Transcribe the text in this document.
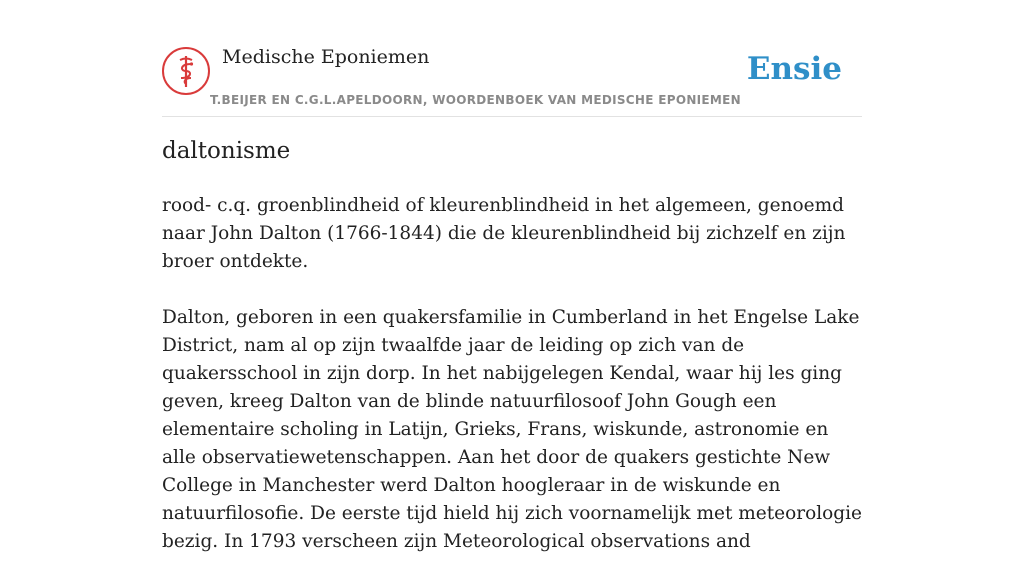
Medische Eponiemen
T.BEIJER EN C.G.L.APELDOORN, WOORDENBOEK VAN MEDISCHE EPONIEMEN
Ensie
daltonisme

rood- c.q. groenblindheid of kleurenblindheid in het algemeen, genoemd naar John Dalton (1766-1844) die de kleurenblindheid bij zichzelf en zijn broer ontdekte.

Dalton, geboren in een quakersfamilie in Cumberland in het Engelse Lake District, nam al op zijn twaalfde jaar de leiding op zich van de quakersschool in zijn dorp. In het nabijgelegen Kendal, waar hij les ging geven, kreeg Dalton van de blinde natuurfilosoof John Gough een elementaire scholing in Latijn, Grieks, Frans, wiskunde, astronomie en alle observatiewetenschappen. Aan het door de quakers gestichte New College in Manchester werd Dalton hoogleraar in de wiskunde en natuurfilosofie. De eerste tijd hield hij zich voornamelijk met meteorologie bezig. In 1793 verscheen zijn Meteorological observations and
